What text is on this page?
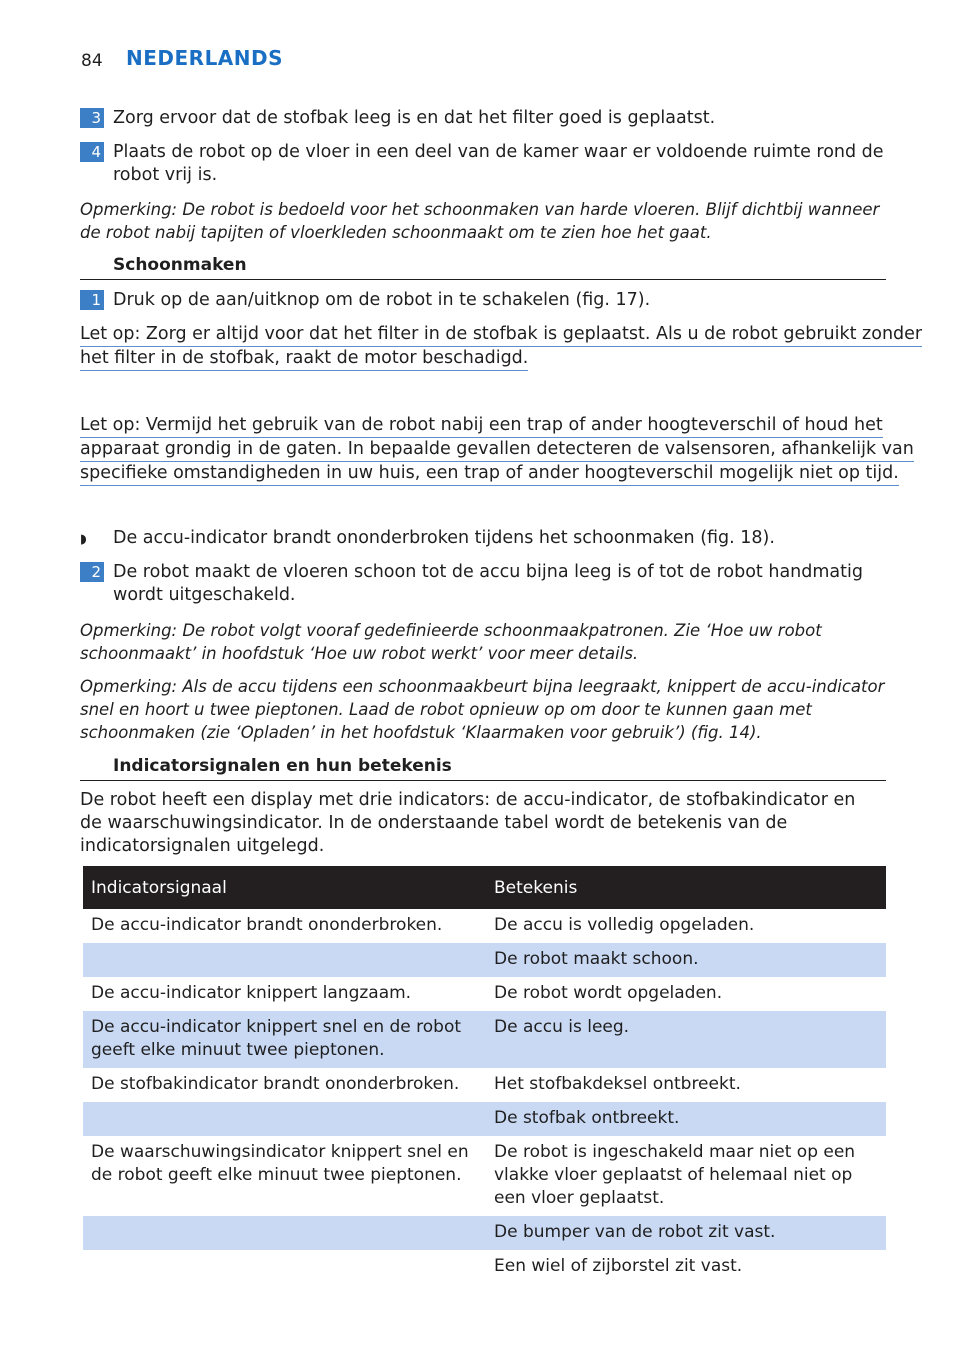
84 NEDERLANDS
3 Zorg ervoor dat de stofbak leeg is en dat het filter goed is geplaatst.
4 Plaats de robot op de vloer in een deel van de kamer waar er voldoende ruimte rond de robot vrij is.
Opmerking: De robot is bedoeld voor het schoonmaken van harde vloeren. Blijf dichtbij wanneer de robot nabij tapijten of vloerkleden schoonmaakt om te zien hoe het gaat.
Schoonmaken
1 Druk op de aan/uitknop om de robot in te schakelen (fig. 17).
Let op: Zorg er altijd voor dat het filter in de stofbak is geplaatst. Als u de robot gebruikt zonder
het filter in de stofbak, raakt de motor beschadigd.
Let op: Vermijd het gebruik van de robot nabij een trap of ander hoogteverschil of houd het
apparaat grondig in de gaten. In bepaalde gevallen detecteren de valsensoren, afhankelijk van
specifieke omstandigheden in uw huis, een trap of ander hoogteverschil mogelijk niet op tijd.
◗ De accu-indicator brandt ononderbroken tijdens het schoonmaken (fig. 18).
2 De robot maakt de vloeren schoon tot de accu bijna leeg is of tot de robot handmatig wordt uitgeschakeld.
Opmerking: De robot volgt vooraf gedefinieerde schoonmaakpatronen. Zie ‘Hoe uw robot schoonmaakt’ in hoofdstuk ‘Hoe uw robot werkt’ voor meer details.
Opmerking: Als de accu tijdens een schoonmaakbeurt bijna leegraakt, knippert de accu-indicator snel en hoort u twee pieptonen. Laad de robot opnieuw op om door te kunnen gaan met schoonmaken (zie ‘Opladen’ in het hoofdstuk ‘Klaarmaken voor gebruik’) (fig. 14).
Indicatorsignalen en hun betekenis
De robot heeft een display met drie indicators: de accu-indicator, de stofbakindicator en de waarschuwingsindicator. In de onderstaande tabel wordt de betekenis van de indicatorsignalen uitgelegd.
Indicatorsignaal	Betekenis
De accu-indicator brandt ononderbroken.	De accu is volledig opgeladen.
	De robot maakt schoon.
De accu-indicator knippert langzaam.	De robot wordt opgeladen.
De accu-indicator knippert snel en de robot geeft elke minuut twee pieptonen.	De accu is leeg.
De stofbakindicator brandt ononderbroken.	Het stofbakdeksel ontbreekt.
	De stofbak ontbreekt.
De waarschuwingsindicator knippert snel en de robot geeft elke minuut twee pieptonen.	De robot is ingeschakeld maar niet op een vlakke vloer geplaatst of helemaal niet op een vloer geplaatst.
	De bumper van de robot zit vast.
	Een wiel of zijborstel zit vast.
